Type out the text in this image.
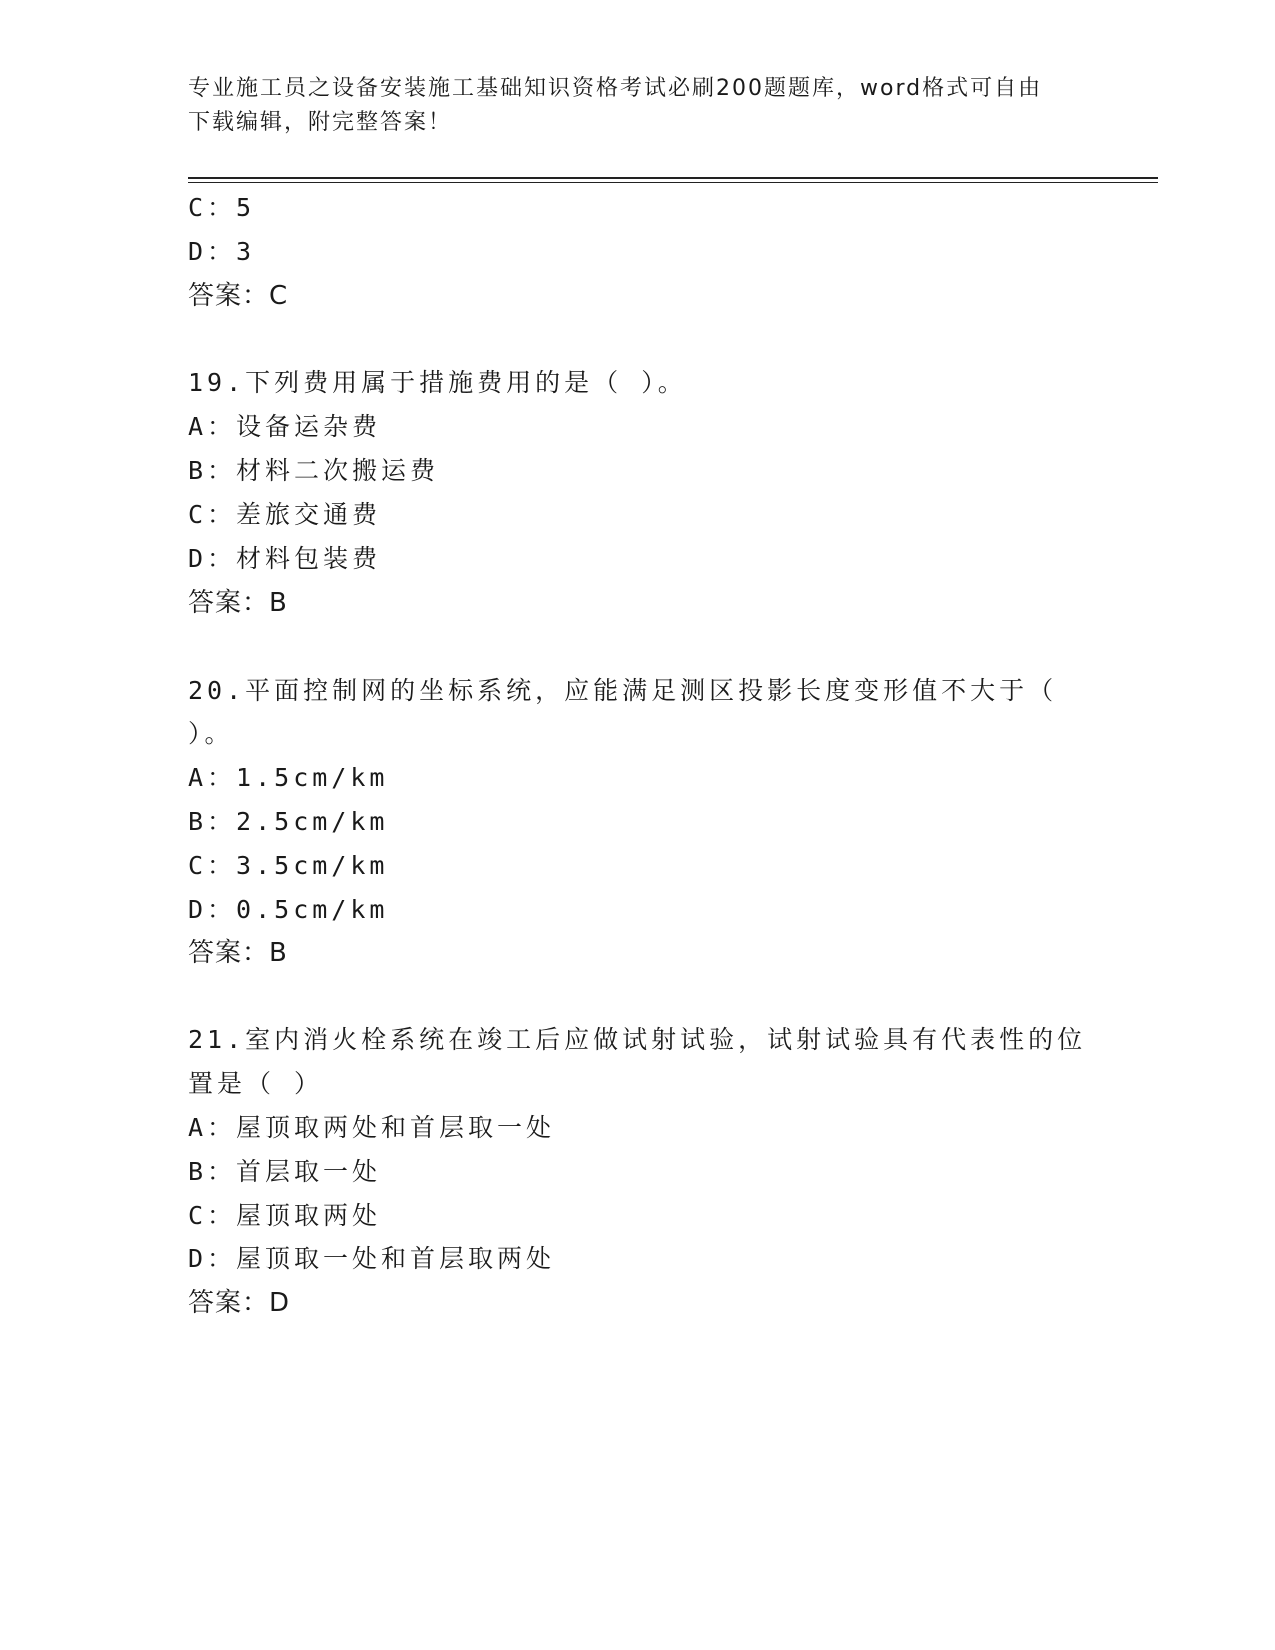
专业施工员之设备安装施工基础知识资格考试必刷200题题库，word格式可自由
下载编辑，附完整答案！
C：5
D：3
答案：C
19.下列费用属于措施费用的是（ ）。
A：设备运杂费
B：材料二次搬运费
C：差旅交通费
D：材料包装费
答案：B
20.平面控制网的坐标系统，应能满足测区投影长度变形值不大于（
）。
A：1.5cm/km
B：2.5cm/km
C：3.5cm/km
D：0.5cm/km
答案：B
21.室内消火栓系统在竣工后应做试射试验，试射试验具有代表性的位
置是（ ）
A：屋顶取两处和首层取一处
B：首层取一处
C：屋顶取两处
D：屋顶取一处和首层取两处
答案：D
